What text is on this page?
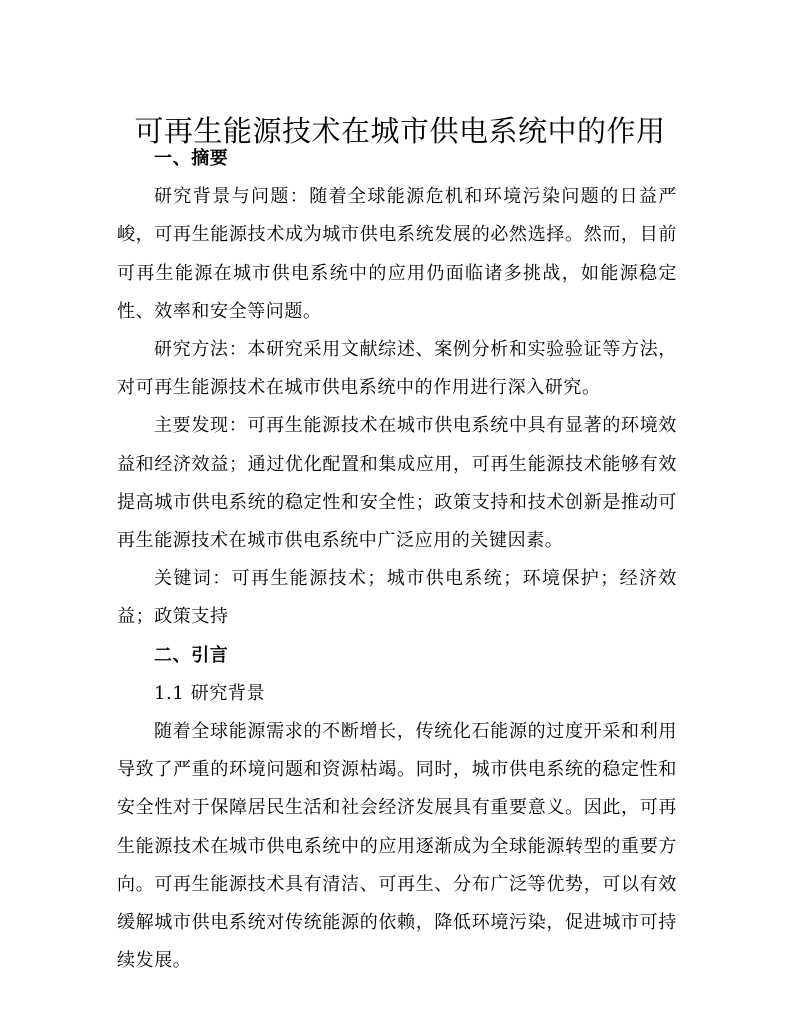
可再生能源技术在城市供电系统中的作用
一、摘要

研究背景与问题：随着全球能源危机和环境污染问题的日益严峻，可再生能源技术成为城市供电系统发展的必然选择。然而，目前可再生能源在城市供电系统中的应用仍面临诸多挑战，如能源稳定性、效率和安全等问题。

研究方法：本研究采用文献综述、案例分析和实验验证等方法，对可再生能源技术在城市供电系统中的作用进行深入研究。

主要发现：可再生能源技术在城市供电系统中具有显著的环境效益和经济效益；通过优化配置和集成应用，可再生能源技术能够有效提高城市供电系统的稳定性和安全性；政策支持和技术创新是推动可再生能源技术在城市供电系统中广泛应用的关键因素。

关键词：可再生能源技术；城市供电系统；环境保护；经济效益；政策支持

二、引言
1.1 研究背景

随着全球能源需求的不断增长，传统化石能源的过度开采和利用导致了严重的环境问题和资源枯竭。同时，城市供电系统的稳定性和安全性对于保障居民生活和社会经济发展具有重要意义。因此，可再生能源技术在城市供电系统中的应用逐渐成为全球能源转型的重要方向。可再生能源技术具有清洁、可再生、分布广泛等优势，可以有效缓解城市供电系统对传统能源的依赖，降低环境污染，促进城市可持续发展。
